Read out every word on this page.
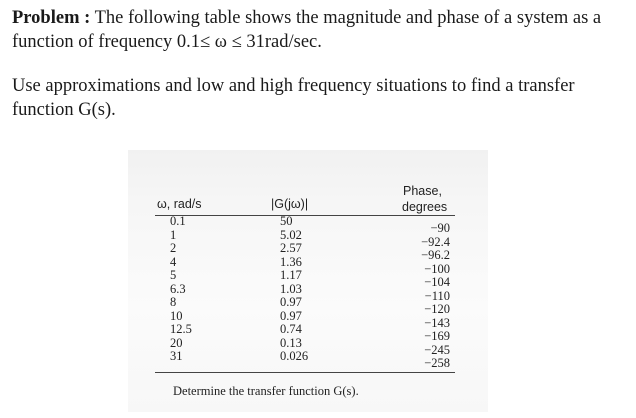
Problem : The following table shows the magnitude and phase of a system as a function of frequency 0.1≤ ω ≤ 31rad/sec.
Use approximations and low and high frequency situations to find a transfer function G(s).
ω, rad/s	|G(jω)|
Phase,
degrees
0.1
1
2
4
5
6.3
8
10
12.5
20
31
50
5.02
2.57
1.36
1.17
1.03
0.97
0.97
0.74
0.13
0.026
−90
−92.4
−96.2
−100
−104
−110
−120
−143
−169
−245
−258
Determine the transfer function G(s).
